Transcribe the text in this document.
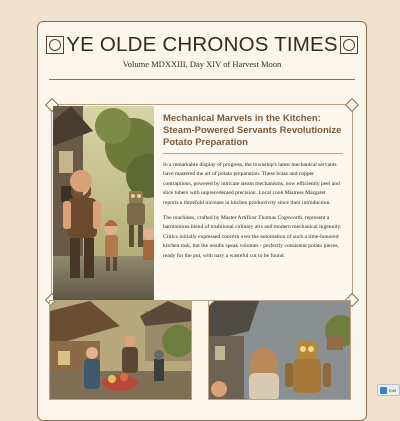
YE OLDE CHRONOS TIMES
Volume MDXXIII, Day XIV of Harvest Moon
Mechanical Marvels in the Kitchen: Steam-Powered Servants Revolutionize Potato Preparation

In a remarkable display of progress, the township's latest mechanical servants have mastered the art of potato preparation. These brass and copper contraptions, powered by intricate steam mechanisms, now efficiently peel and slice tubers with unprecedented precision. Local cook Mistress Margaret reports a threefold increase in kitchen productivity since their introduction.

The machines, crafted by Master Artificer Thomas Cogsworth, represent a harmonious blend of traditional culinary arts and modern mechanical ingenuity. Critics initially expressed concern over the automation of such a time-honored kitchen task, but the results speak volumes - perfectly consistent potato pieces, ready for the pot, with nary a wasteful cut to be found.

Edit
